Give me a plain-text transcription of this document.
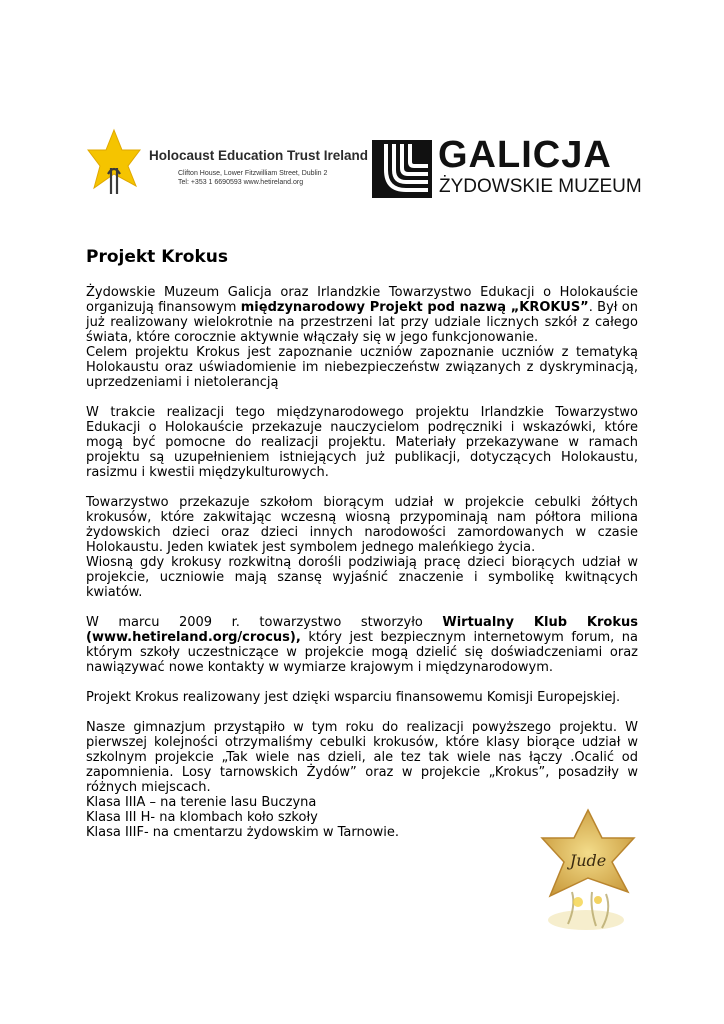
Holocaust Education Trust Ireland
Clifton House, Lower Fitzwilliam Street, Dublin 2
Tel: +353 1 6690593 www.hetireland.org
GALICJA
ŻYDOWSKIE MUZEUM
Projekt Krokus

Żydowskie Muzeum Galicja oraz Irlandzkie Towarzystwo Edukacji o Holokauście organizują finansowym międzynarodowy Projekt pod nazwą „KROKUS”. Był on już realizowany wielokrotnie na przestrzeni lat przy udziale licznych szkół z całego świata, które corocznie aktywnie włączały się w jego funkcjonowanie.

Celem projektu Krokus jest zapoznanie uczniów zapoznanie uczniów z tematyką Holokaustu oraz uświadomienie im niebezpieczeństw związanych z dyskryminacją, uprzedzeniami i nietolerancją

W trakcie realizacji tego międzynarodowego projektu Irlandzkie Towarzystwo Edukacji o Holokauście przekazuje nauczycielom podręczniki i wskazówki, które mogą być pomocne do realizacji projektu. Materiały przekazywane w ramach projektu są uzupełnieniem istniejących już publikacji, dotyczących Holokaustu, rasizmu i kwestii międzykulturowych.

Towarzystwo przekazuje szkołom biorącym udział w projekcie cebulki żółtych krokusów, które zakwitając wczesną wiosną przypominają nam półtora miliona żydowskich dzieci oraz dzieci innych narodowości zamordowanych w czasie Holokaustu. Jeden kwiatek jest symbolem jednego maleńkiego życia.

Wiosną gdy krokusy rozkwitną dorośli podziwiają pracę dzieci biorących udział w projekcie, uczniowie mają szansę wyjaśnić znaczenie i symbolikę kwitnących kwiatów.

W marcu 2009 r. towarzystwo stworzyło Wirtualny Klub Krokus (www.hetireland.org/crocus), który jest bezpiecznym internetowym forum, na którym szkoły uczestniczące w projekcie mogą dzielić się doświadczeniami oraz nawiązywać nowe kontakty w wymiarze krajowym i międzynarodowym.

Projekt Krokus realizowany jest dzięki wsparciu finansowemu Komisji Europejskiej.

Nasze gimnazjum przystąpiło w tym roku do realizacji powyższego projektu. W pierwszej kolejności otrzymaliśmy cebulki krokusów, które klasy biorące udział w szkolnym projekcie „Tak wiele nas dzieli, ale tez tak wiele nas łączy .Ocalić od zapomnienia. Losy tarnowskich Żydów” oraz w projekcie „Krokus”, posadziły w różnych miejscach.

Klasa IIIA – na terenie lasu Buczyna

Klasa III H- na klombach koło szkoły

Klasa IIIF- na cmentarzu żydowskim w Tarnowie.

Jude
